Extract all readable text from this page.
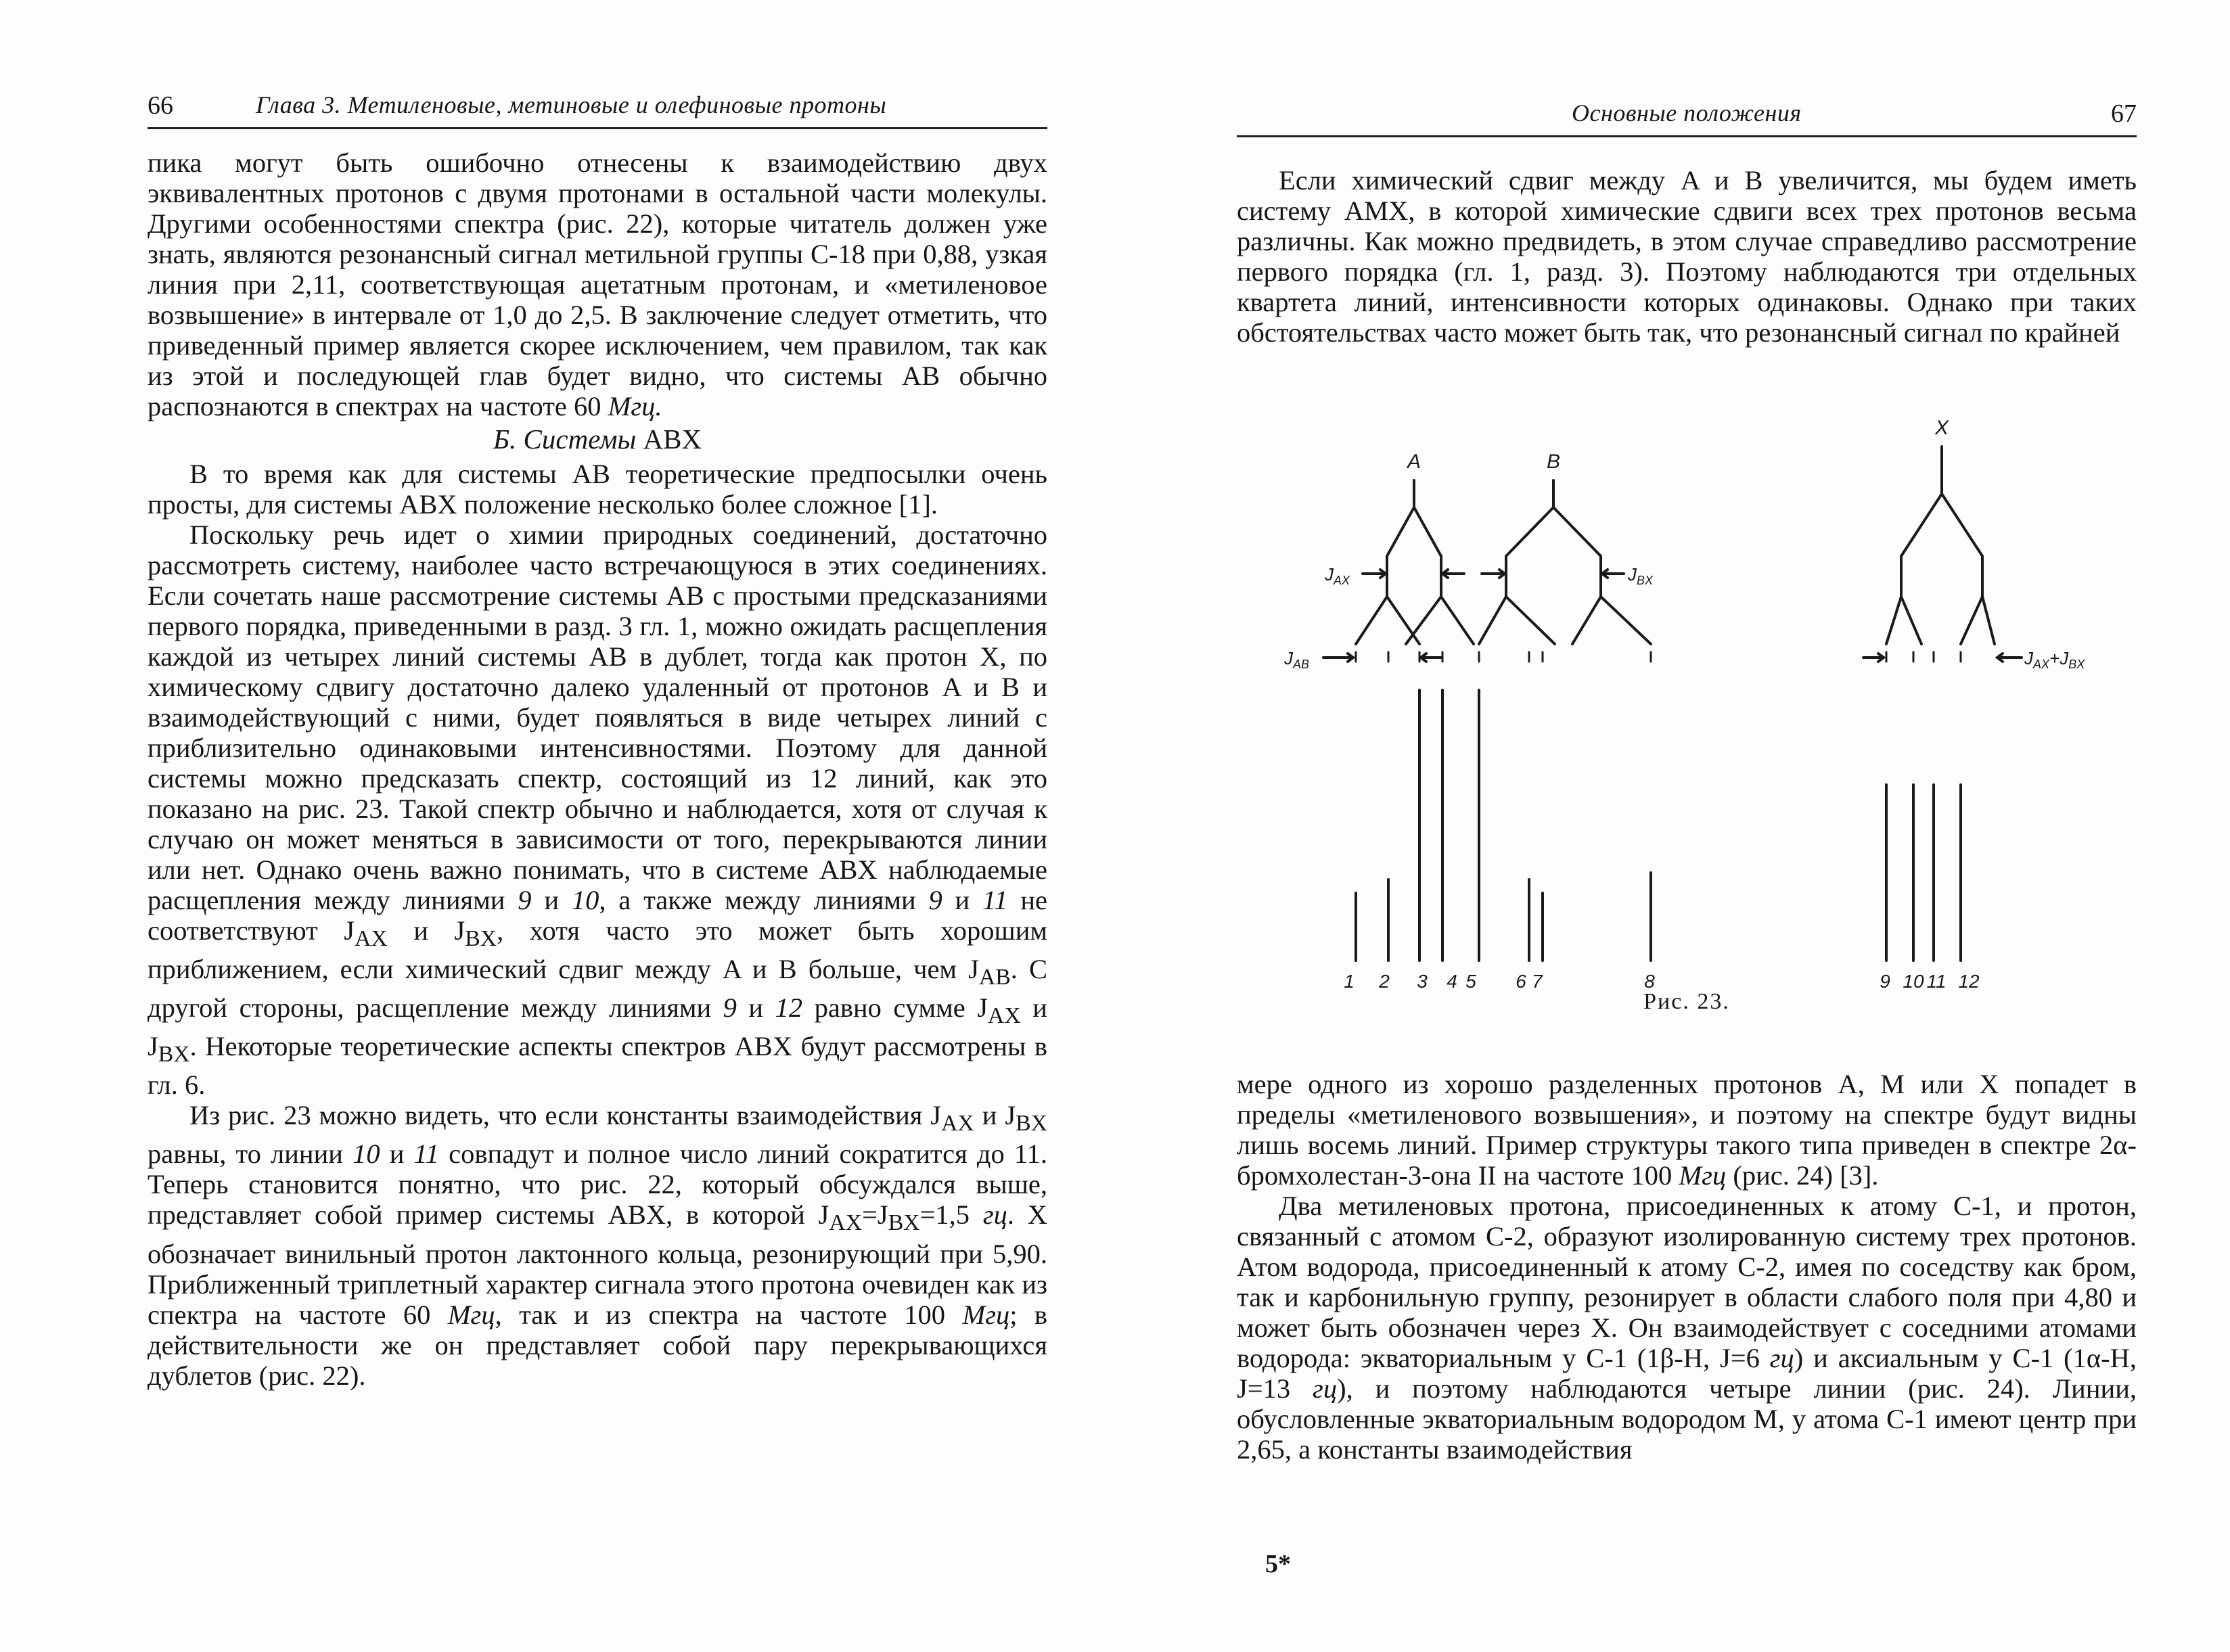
66	Глава 3. Метиленовые, метиновые и олефиновые протоны

пика могут быть ошибочно отнесены к взаимодействию двух эквивалентных протонов с двумя протонами в остальной части молекулы. Другими особенностями спектра (рис. 22), которые читатель должен уже знать, являются резонансный сигнал метильной группы C-18 при 0,88, узкая линия при 2,11, соответствующая ацетатным протонам, и «метиленовое возвышение» в интервале от 1,0 до 2,5. В заключение следует отметить, что приведенный пример является скорее исключением, чем правилом, так как из этой и последующей глав будет видно, что системы AB обычно распознаются в спектрах на частоте 60 Мгц.

Б. Системы ABX

В то время как для системы AB теоретические предпосылки очень просты, для системы ABX положение несколько более сложное [1].

Поскольку речь идет о химии природных соединений, достаточно рассмотреть систему, наиболее часто встречающуюся в этих соединениях. Если сочетать наше рассмотрение системы AB с простыми предсказаниями первого порядка, приведенными в разд. 3 гл. 1, можно ожидать расщепления каждой из четырех линий системы AB в дублет, тогда как протон X, по химическому сдвигу достаточно далеко удаленный от протонов A и B и взаимодействующий с ними, будет появляться в виде четырех линий с приблизительно одинаковыми интенсивностями. Поэтому для данной системы можно предсказать спектр, состоящий из 12 линий, как это показано на рис. 23. Такой спектр обычно и наблюдается, хотя от случая к случаю он может меняться в зависимости от того, перекрываются линии или нет. Однако очень важно понимать, что в системе ABX наблюдаемые расщепления между линиями 9 и 10, а также между линиями 9 и 11 не соответствуют $J_{AX}$ и $J_{BX}$, хотя часто это может быть хорошим приближением, если химический сдвиг между A и B больше, чем $J_{AB}$. С другой стороны, расщепление между линиями 9 и 12 равно сумме $J_{AX}$ и $J_{BX}$. Некоторые теоретические аспекты спектров ABX будут рассмотрены в гл. 6.

Из рис. 23 можно видеть, что если константы взаимодействия $J_{AX}$ и $J_{BX}$ равны, то линии 10 и 11 совпадут и полное число линий сократится до 11. Теперь становится понятно, что рис. 22, который обсуждался выше, представляет собой пример системы ABX, в которой $J_{AX}=J_{BX}=1,5$ гц. X обозначает винильный протон лактонного кольца, резонирующий при 5,90. Приближенный триплетный характер сигнала этого протона очевиден как из спектра на частоте 60 Мгц, так и из спектра на частоте 100 Мгц; в действительности же он представляет собой пару перекрывающихся дублетов (рис. 22).

Основные положения	67

Если химический сдвиг между A и B увеличится, мы будем иметь систему AMX, в которой химические сдвиги всех трех протонов весьма различны. Как можно предвидеть, в этом случае справедливо рассмотрение первого порядка (гл. 1, разд. 3). Поэтому наблюдаются три отдельных квартета линий, интенсивности которых одинаковы. Однако при таких обстоятельствах часто может быть так, что резонансный сигнал по крайней

A	B
X
$J_{AX}$	$J_{BX}$
$J_{AB}$	$J_{AX}+J_{BX}$
1 2 3 4 5 6 7	8	9 10 11 12
Рис. 23.

мере одного из хорошо разделенных протонов A, M или X попадет в пределы «метиленового возвышения», и поэтому на спектре будут видны лишь восемь линий. Пример структуры такого типа приведен в спектре 2α-бромхолестан-3-она II на частоте 100 Мгц (рис. 24) [3].

Два метиленовых протона, присоединенных к атому C-1, и протон, связанный с атомом C-2, образуют изолированную систему трех протонов. Атом водорода, присоединенный к атому C-2, имея по соседству как бром, так и карбонильную группу, резонирует в области слабого поля при 4,80 и может быть обозначен через X. Он взаимодействует с соседними атомами водорода: экваториальным у C-1 (1β-H, J=6 гц) и аксиальным у C-1 (1α-H, J=13 гц), и поэтому наблюдаются четыре линии (рис. 24). Линии, обусловленные экваториальным водородом M, у атома C-1 имеют центр при 2,65, а константы взаимодействия

5*
